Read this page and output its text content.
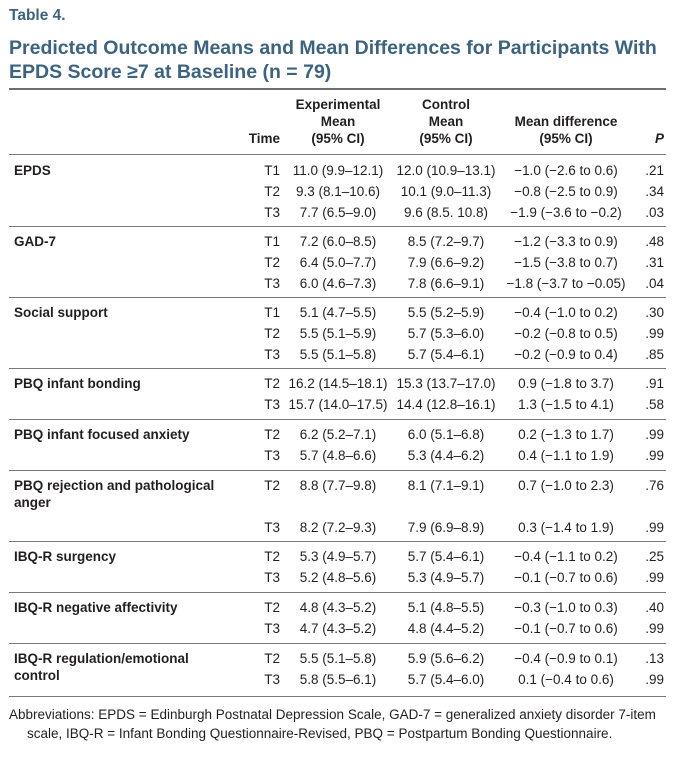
Table 4.
Predicted Outcome Means and Mean Differences for Participants With EPDS Score ≥7 at Baseline (n = 79)
Experimental
Mean
(95% CI)
Control
Mean
(95% CI)
Mean difference
(95% CI)
Time	P
EPDS	T1 11.0 (9.9–12.1) 12.0 (10.9–13.1)	−1.0 (−2.6 to 0.6)	.21
T2	9.3 (8.1–10.6)	10.1 (9.0–11.3)	−0.8 (−2.5 to 0.9)	.34
T3	7.7 (6.5–9.0)	9.6 (8.5. 10.8)	−1.9 (−3.6 to −0.2)	.03
GAD-7	T1	7.2 (6.0–8.5)	8.5 (7.2–9.7)	−1.2 (−3.3 to 0.9)	.48
T2	6.4 (5.0–7.7)	7.9 (6.6–9.2)	−1.5 (−3.8 to 0.7)	.31
T3	6.0 (4.6–7.3)	7.8 (6.6–9.1)	−1.8 (−3.7 to −0.05)	.04
Social support	T1	5.1 (4.7–5.5)	5.5 (5.2–5.9)	−0.4 (−1.0 to 0.2)	.30
T2	5.5 (5.1–5.9)	5.7 (5.3–6.0)	−0.2 (−0.8 to 0.5)	.99
T3	5.5 (5.1–5.8)	5.7 (5.4–6.1)	−0.2 (−0.9 to 0.4)	.85
PBQ infant bonding	T2 16.2 (14.5–18.1) 15.3 (13.7–17.0)	0.9 (−1.8 to 3.7)	.91
T3 15.7 (14.0–17.5) 14.4 (12.8–16.1)	1.3 (−1.5 to 4.1)	.58
PBQ infant focused anxiety	T2	6.2 (5.2–7.1)	6.0 (5.1–6.8)	0.2 (−1.3 to 1.7)	.99
T3	5.7 (4.8–6.6)	5.3 (4.4–6.2)	0.4 (−1.1 to 1.9)	.99
PBQ rejection and pathological anger
T2	8.8 (7.7–9.8)	8.1 (7.1–9.1)	0.7 (−1.0 to 2.3)	.76
T3	8.2 (7.2–9.3)	7.9 (6.9–8.9)	0.3 (−1.4 to 1.9)	.99
IBQ-R surgency	T2	5.3 (4.9–5.7)	5.7 (5.4–6.1)	−0.4 (−1.1 to 0.2)	.25
T3	5.2 (4.8–5.6)	5.3 (4.9–5.7)	−0.1 (−0.7 to 0.6)	.99
IBQ-R negative affectivity	T2	4.8 (4.3–5.2)	5.1 (4.8–5.5)	−0.3 (−1.0 to 0.3)	.40
T3	4.7 (4.3–5.2)	4.8 (4.4–5.2)	−0.1 (−0.7 to 0.6)	.99
IBQ-R regulation/emotional control
T2	5.5 (5.1–5.8)	5.9 (5.6–6.2)	−0.4 (−0.9 to 0.1)	.13
T3	5.8 (5.5–6.1)	5.7 (5.4–6.0)	0.1 (−0.4 to 0.6)	.99
Abbreviations: EPDS = Edinburgh Postnatal Depression Scale, GAD-7 = generalized anxiety disorder 7-item
scale, IBQ-R = Infant Bonding Questionnaire-Revised, PBQ = Postpartum Bonding Questionnaire.
